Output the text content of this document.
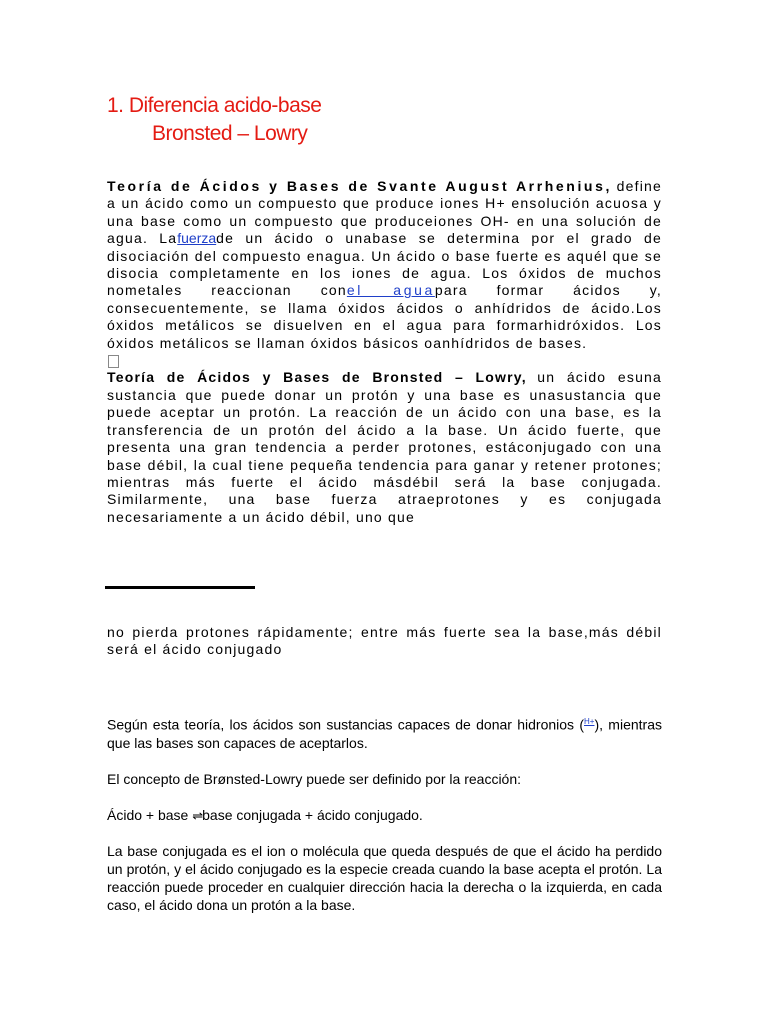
1. Diferencia acido-base
Bronsted – Lowry
Teoría de Ácidos y Bases de Svante August Arrhenius, define a un ácido como un compuesto que produce iones H+ ensolución acuosa y una base como un compuesto que produceiones OH- en una solución de agua. Lafuerzade un ácido o unabase se determina por el grado de disociación del compuesto enagua. Un ácido o base fuerte es aquél que se disocia completamente en los iones de agua. Los óxidos de muchos nometales reaccionan conel aguapara formar ácidos y, consecuentemente, se llama óxidos ácidos o anhídridos de ácido.Los óxidos metálicos se disuelven en el agua para formarhidróxidos. Los óxidos metálicos se llaman óxidos básicos oanhídridos de bases.
Teoría de Ácidos y Bases de Bronsted – Lowry, un ácido esuna sustancia que puede donar un protón y una base es unasustancia que puede aceptar un protón. La reacción de un ácido con una base, es la transferencia de un protón del ácido a la base. Un ácido fuerte, que presenta una gran tendencia a perder protones, estáconjugado con una base débil, la cual tiene pequeña tendencia para ganar y retener protones; mientras más fuerte el ácido másdébil será la base conjugada. Similarmente, una base fuerza atraeprotones y es conjugada necesariamente a un ácido débil, uno que
no pierda protones rápidamente; entre más fuerte sea la base,más débil será el ácido conjugado
Según esta teoría, los ácidos son sustancias capaces de donar hidronios ($^{H+}$), mientras que las bases son capaces de aceptarlos.
El concepto de Brønsted-Lowry puede ser definido por la reacción:
Ácido + base ⇌base conjugada + ácido conjugado.
La base conjugada es el ion o molécula que queda después de que el ácido ha perdido un protón, y el ácido conjugado es la especie creada cuando la base acepta el protón. La reacción puede proceder en cualquier dirección hacia la derecha o la izquierda, en cada caso, el ácido dona un protón a la base.
